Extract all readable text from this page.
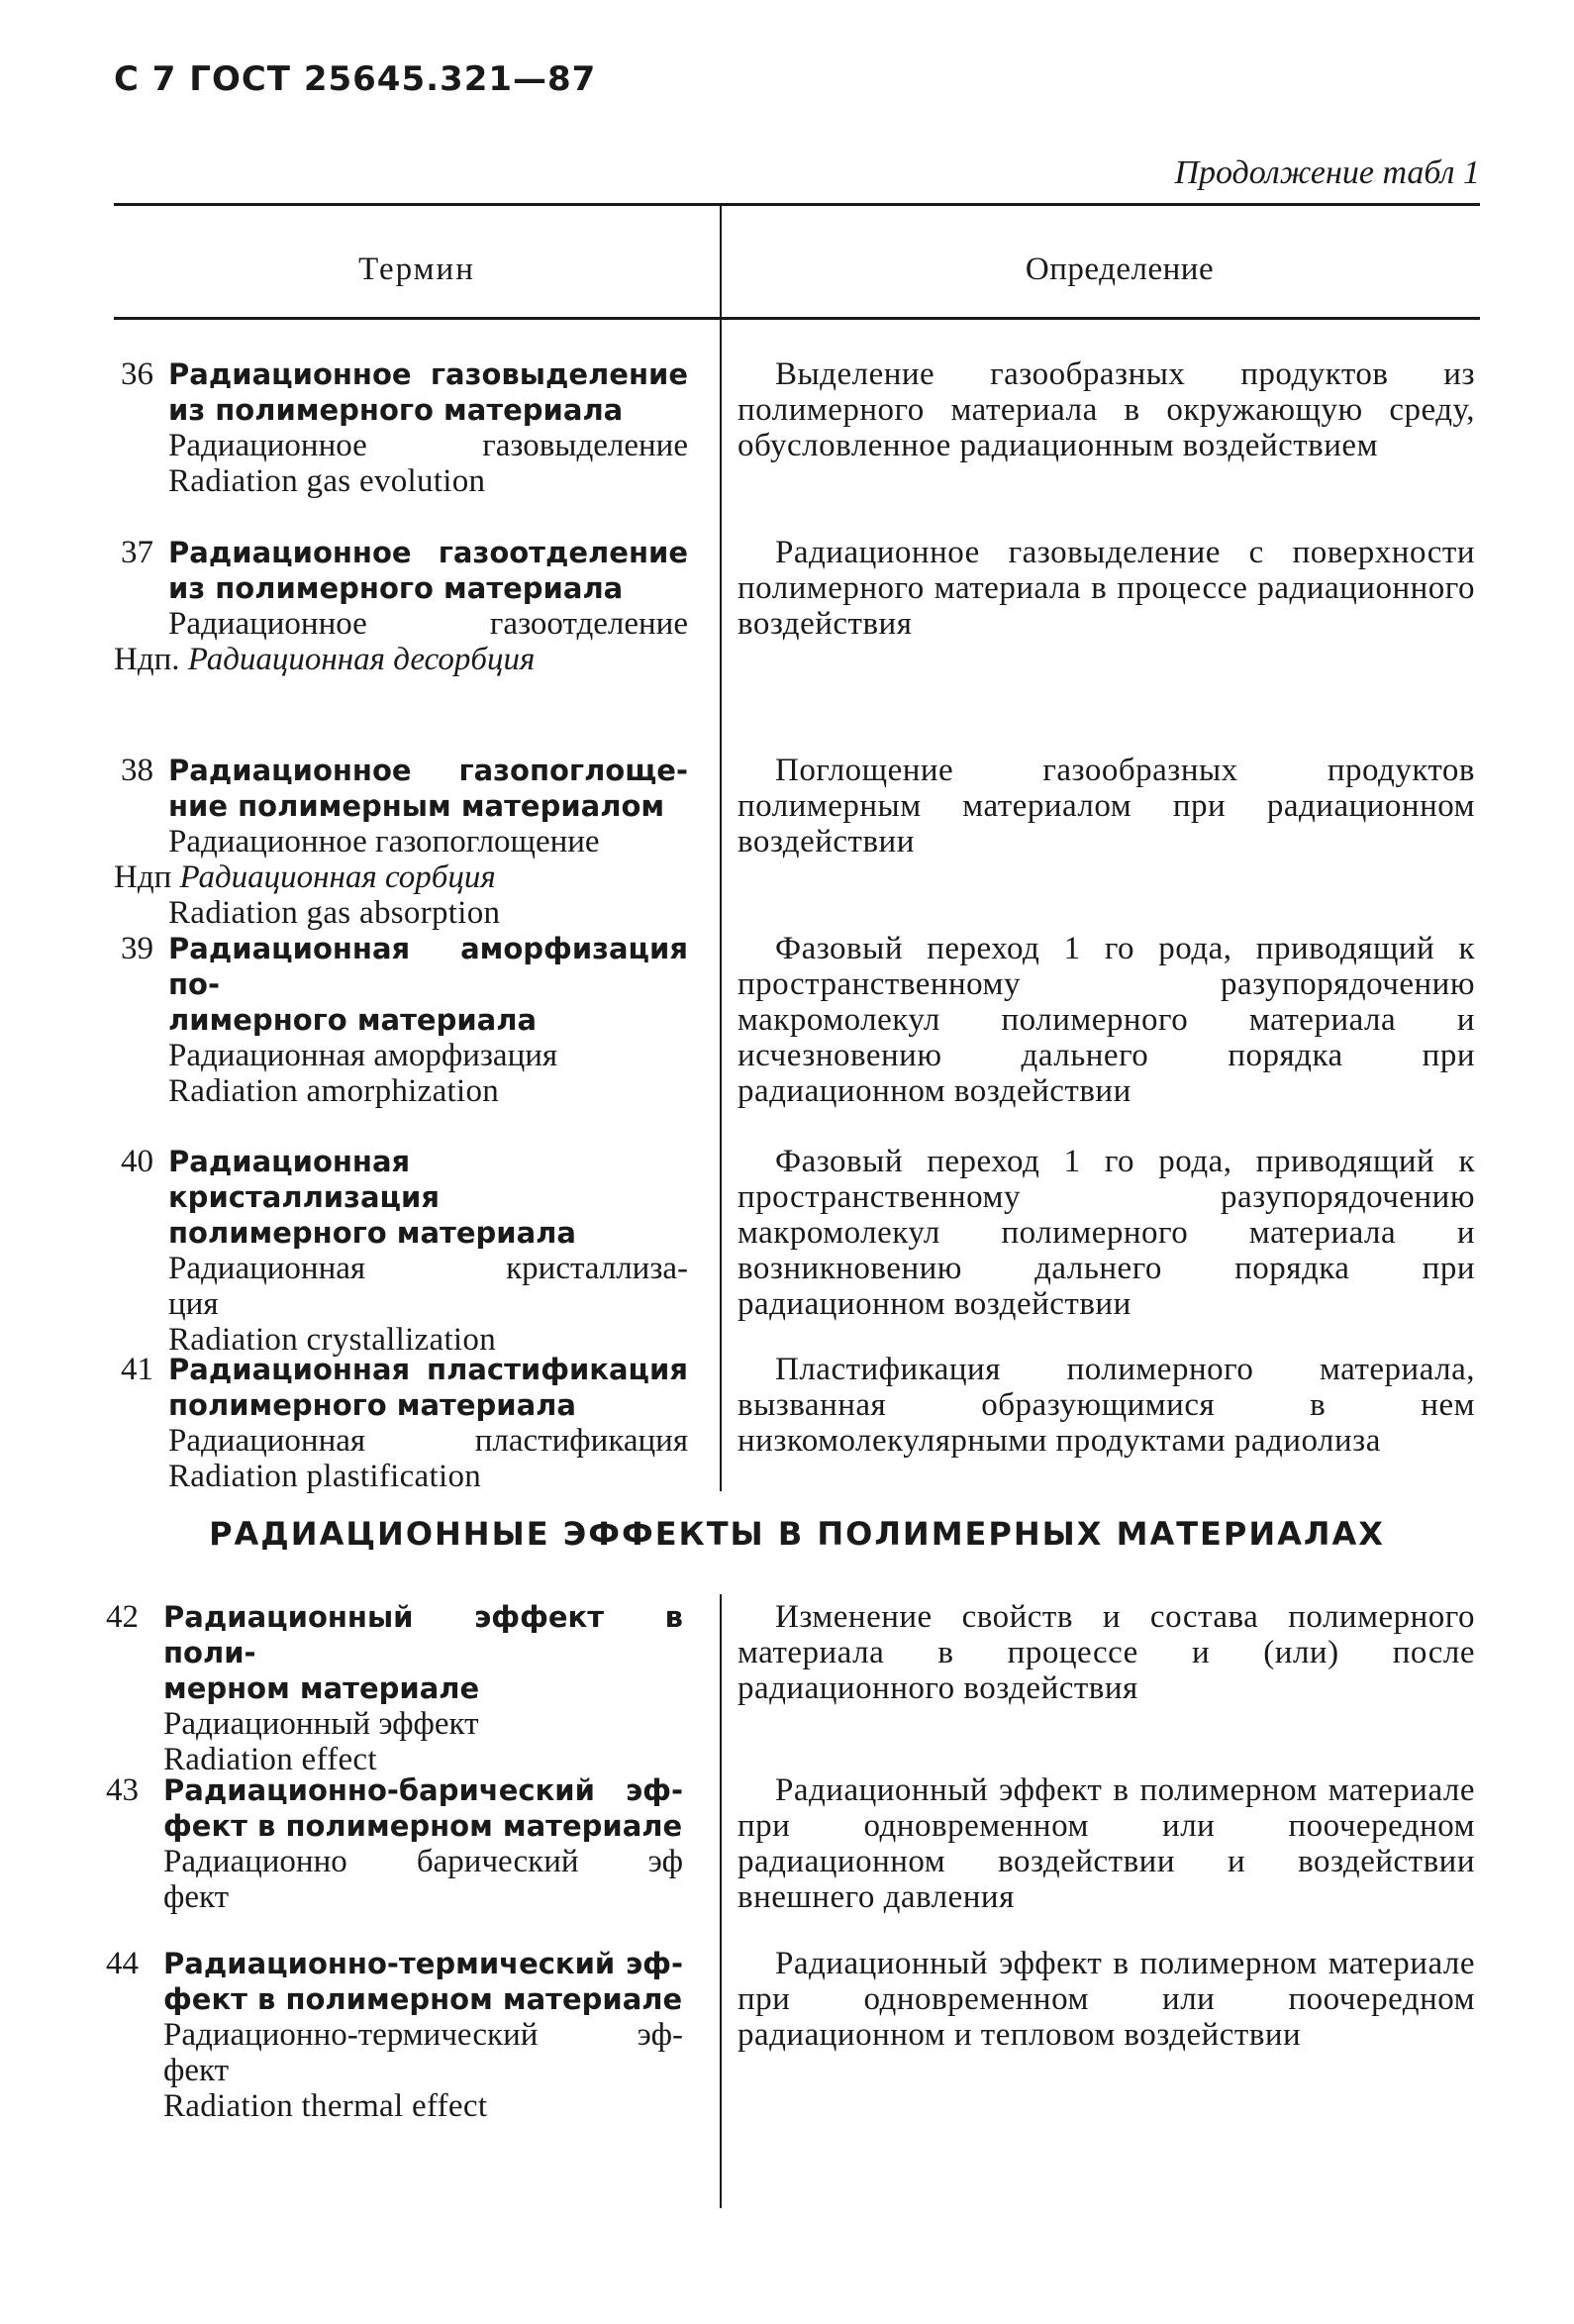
С 7 ГОСТ 25645.321—87
Продолжение табл 1
Термин	Определение
36 Радиационное газовыделение
из полимерного материала
Радиационное газовыделение
Radiation gas evolution
Выделение газообразных продуктов из полимерного материала в окружающую среду, обусловленное радиационным воздействием
37 Радиационное газоотделение
из полимерного материала
Радиационное газоотделение
Ндп. Радиационная десорбция
Радиационное газовыделение с поверхности полимерного материала в процессе радиационного воздействия
38 Радиационное газопоглоще-
ние полимерным материалом
Радиационное газопоглощение
Ндп Радиационная сорбция
Radiation gas absorption
Поглощение газообразных продуктов полимерным материалом при радиационном воздействии
39 Радиационная аморфизация по-
лимерного материала
Радиационная аморфизация
Radiation amorphization
Фазовый переход 1 го рода, приводящий к пространственному разупорядочению макромолекул полимерного материала и исчезновению дальнего порядка при радиационном воздействии
40 Радиационная кристаллизация
полимерного материала
Радиационная кристаллиза-
ция
Radiation crystallization
Фазовый переход 1 го рода, приводящий к пространственному разупорядочению макромолекул полимерного материала и возникновению дальнего порядка при радиационном воздействии
41 Радиационная пластификация
полимерного материала
Радиационная пластификация
Radiation plastification
Пластификация полимерного материала, вызванная образующимися в нем низкомолекулярными продуктами радиолиза
РАДИАЦИОННЫЕ ЭФФЕКТЫ В ПОЛИМЕРНЫХ МАТЕРИАЛАХ
42 Радиационный эффект в поли-
мерном материале
Радиационный эффект
Radiation effect
Изменение свойств и состава полимерного материала в процессе и (или) после радиационного воздействия
43 Радиационно-барический эф-
фект в полимерном материале
Радиационно барический эф
фект
Радиационный эффект в полимерном материале при одновременном или поочередном радиационном воздействии и воздействии внешнего давления
44 Радиационно-термический эф-
фект в полимерном материале
Радиационно-термический эф-
фект
Radiation thermal effect
Радиационный эффект в полимерном материале при одновременном или поочередном радиационном и тепловом воздействии
